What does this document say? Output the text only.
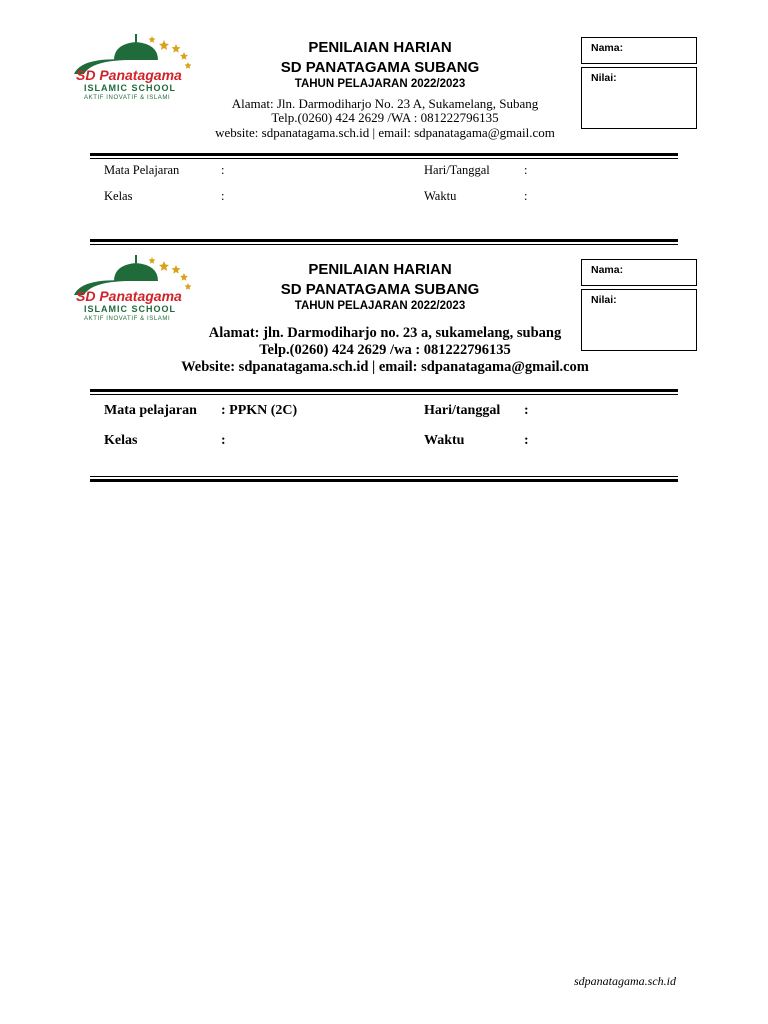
SD Panatagama
ISLAMIC SCHOOL
AKTIF INOVATIF & ISLAMI
PENILAIAN HARIAN
SD PANATAGAMA SUBANG
TAHUN PELAJARAN 2022/2023
Alamat: Jln. Darmodiharjo No. 23 A, Sukamelang, Subang
Telp.(0260) 424 2629 /WA : 081222796135
website: sdpanatagama.sch.id | email: sdpanatagama@gmail.com
Nama:
Nilai:
Mata Pelajaran	:	Hari/Tanggal	:
Kelas	:	Waktu	:
SD Panatagama
ISLAMIC SCHOOL
AKTIF INOVATIF & ISLAMI
PENILAIAN HARIAN
SD PANATAGAMA SUBANG
TAHUN PELAJARAN 2022/2023
Alamat: jln. Darmodiharjo no. 23 a, sukamelang, subang
Telp.(0260) 424 2629 /wa : 081222796135
Website: sdpanatagama.sch.id | email: sdpanatagama@gmail.com
Nama:
Nilai:
Mata pelajaran : PPKN (2C)	Hari/tanggal :
Kelas	:	Waktu	:
sdpanatagama.sch.id
